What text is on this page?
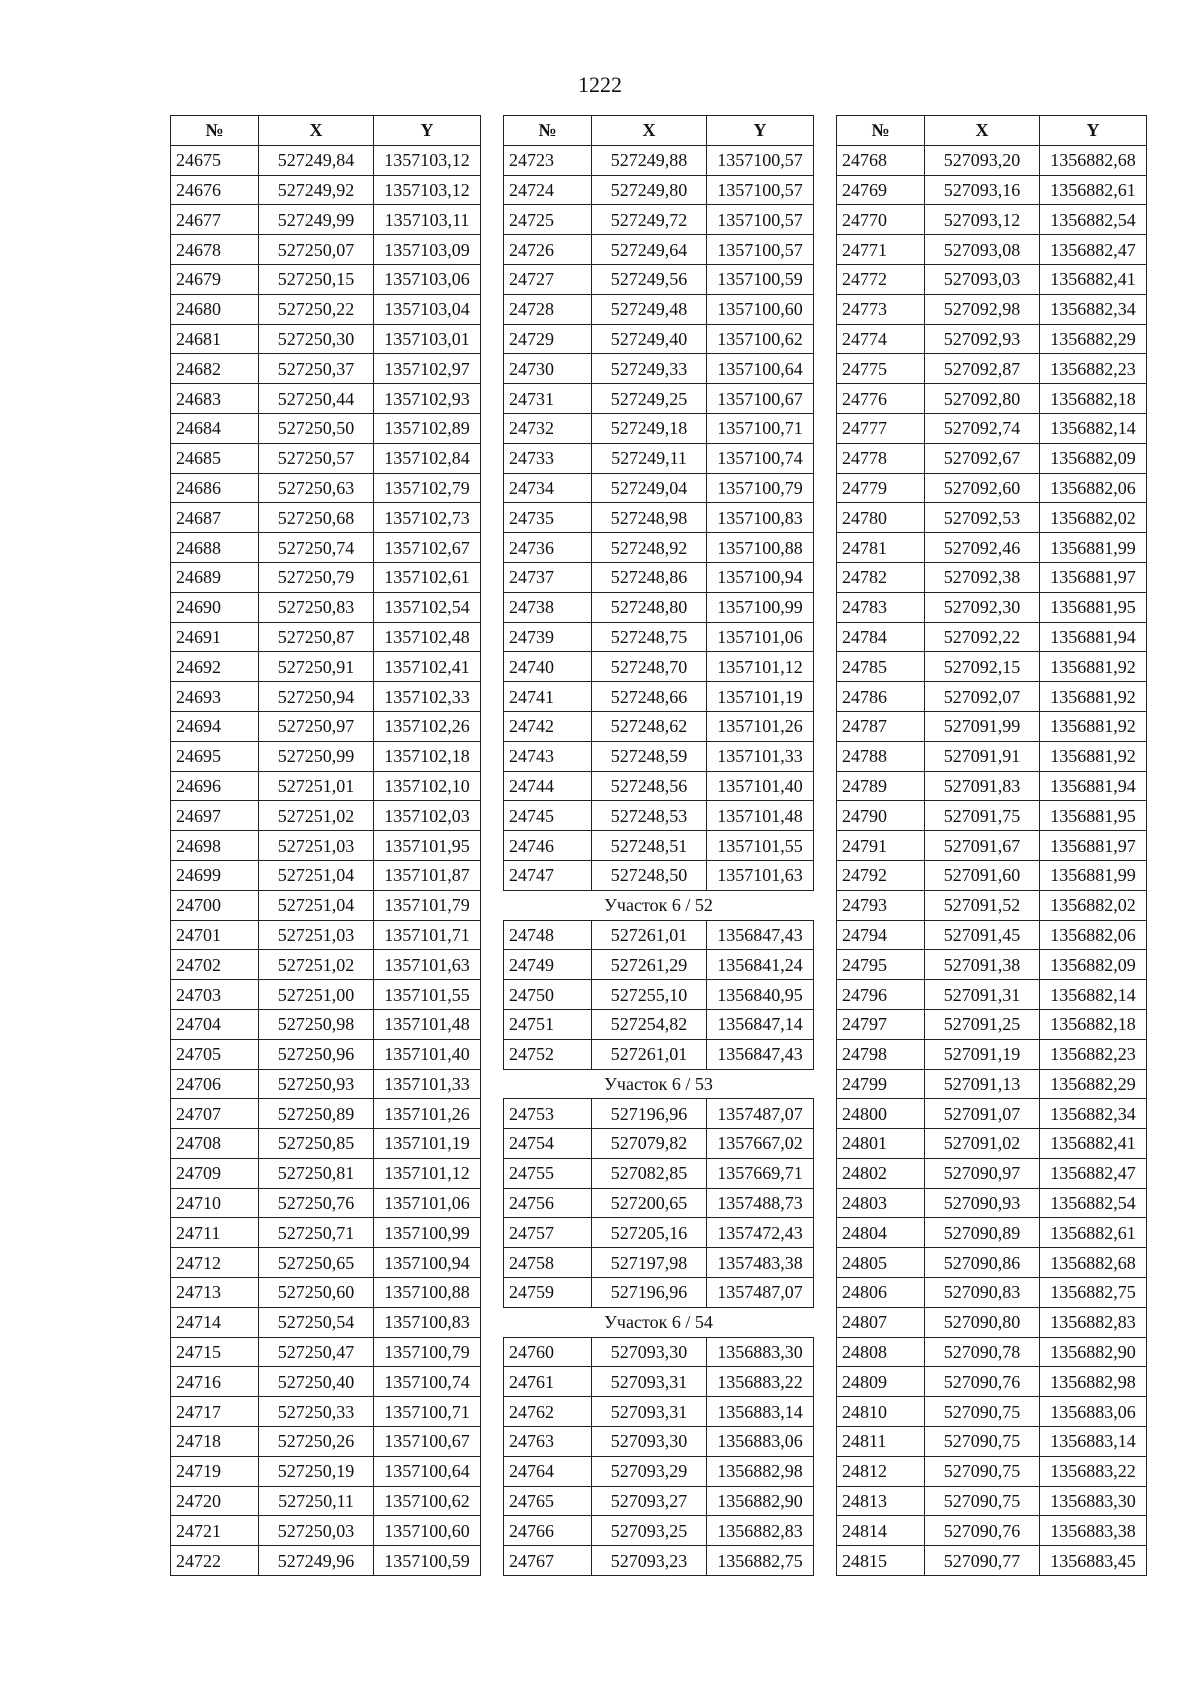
1222
№	X	Y
24675	527249,84	1357103,12
24676	527249,92	1357103,12
24677	527249,99	1357103,11
24678	527250,07	1357103,09
24679	527250,15	1357103,06
24680	527250,22	1357103,04
24681	527250,30	1357103,01
24682	527250,37	1357102,97
24683	527250,44	1357102,93
24684	527250,50	1357102,89
24685	527250,57	1357102,84
24686	527250,63	1357102,79
24687	527250,68	1357102,73
24688	527250,74	1357102,67
24689	527250,79	1357102,61
24690	527250,83	1357102,54
24691	527250,87	1357102,48
24692	527250,91	1357102,41
24693	527250,94	1357102,33
24694	527250,97	1357102,26
24695	527250,99	1357102,18
24696	527251,01	1357102,10
24697	527251,02	1357102,03
24698	527251,03	1357101,95
24699	527251,04	1357101,87
24700	527251,04	1357101,79
24701	527251,03	1357101,71
24702	527251,02	1357101,63
24703	527251,00	1357101,55
24704	527250,98	1357101,48
24705	527250,96	1357101,40
24706	527250,93	1357101,33
24707	527250,89	1357101,26
24708	527250,85	1357101,19
24709	527250,81	1357101,12
24710	527250,76	1357101,06
24711	527250,71	1357100,99
24712	527250,65	1357100,94
24713	527250,60	1357100,88
24714	527250,54	1357100,83
24715	527250,47	1357100,79
24716	527250,40	1357100,74
24717	527250,33	1357100,71
24718	527250,26	1357100,67
24719	527250,19	1357100,64
24720	527250,11	1357100,62
24721	527250,03	1357100,60
24722	527249,96	1357100,59
№	X	Y
24723	527249,88	1357100,57
24724	527249,80	1357100,57
24725	527249,72	1357100,57
24726	527249,64	1357100,57
24727	527249,56	1357100,59
24728	527249,48	1357100,60
24729	527249,40	1357100,62
24730	527249,33	1357100,64
24731	527249,25	1357100,67
24732	527249,18	1357100,71
24733	527249,11	1357100,74
24734	527249,04	1357100,79
24735	527248,98	1357100,83
24736	527248,92	1357100,88
24737	527248,86	1357100,94
24738	527248,80	1357100,99
24739	527248,75	1357101,06
24740	527248,70	1357101,12
24741	527248,66	1357101,19
24742	527248,62	1357101,26
24743	527248,59	1357101,33
24744	527248,56	1357101,40
24745	527248,53	1357101,48
24746	527248,51	1357101,55
24747	527248,50	1357101,63
Участок 6 / 52		
24748	527261,01	1356847,43
24749	527261,29	1356841,24
24750	527255,10	1356840,95
24751	527254,82	1356847,14
24752	527261,01	1356847,43
Участок 6 / 53		
24753	527196,96	1357487,07
24754	527079,82	1357667,02
24755	527082,85	1357669,71
24756	527200,65	1357488,73
24757	527205,16	1357472,43
24758	527197,98	1357483,38
24759	527196,96	1357487,07
Участок 6 / 54		
24760	527093,30	1356883,30
24761	527093,31	1356883,22
24762	527093,31	1356883,14
24763	527093,30	1356883,06
24764	527093,29	1356882,98
24765	527093,27	1356882,90
24766	527093,25	1356882,83
24767	527093,23	1356882,75
№	X	Y
24768	527093,20	1356882,68
24769	527093,16	1356882,61
24770	527093,12	1356882,54
24771	527093,08	1356882,47
24772	527093,03	1356882,41
24773	527092,98	1356882,34
24774	527092,93	1356882,29
24775	527092,87	1356882,23
24776	527092,80	1356882,18
24777	527092,74	1356882,14
24778	527092,67	1356882,09
24779	527092,60	1356882,06
24780	527092,53	1356882,02
24781	527092,46	1356881,99
24782	527092,38	1356881,97
24783	527092,30	1356881,95
24784	527092,22	1356881,94
24785	527092,15	1356881,92
24786	527092,07	1356881,92
24787	527091,99	1356881,92
24788	527091,91	1356881,92
24789	527091,83	1356881,94
24790	527091,75	1356881,95
24791	527091,67	1356881,97
24792	527091,60	1356881,99
24793	527091,52	1356882,02
24794	527091,45	1356882,06
24795	527091,38	1356882,09
24796	527091,31	1356882,14
24797	527091,25	1356882,18
24798	527091,19	1356882,23
24799	527091,13	1356882,29
24800	527091,07	1356882,34
24801	527091,02	1356882,41
24802	527090,97	1356882,47
24803	527090,93	1356882,54
24804	527090,89	1356882,61
24805	527090,86	1356882,68
24806	527090,83	1356882,75
24807	527090,80	1356882,83
24808	527090,78	1356882,90
24809	527090,76	1356882,98
24810	527090,75	1356883,06
24811	527090,75	1356883,14
24812	527090,75	1356883,22
24813	527090,75	1356883,30
24814	527090,76	1356883,38
24815	527090,77	1356883,45
